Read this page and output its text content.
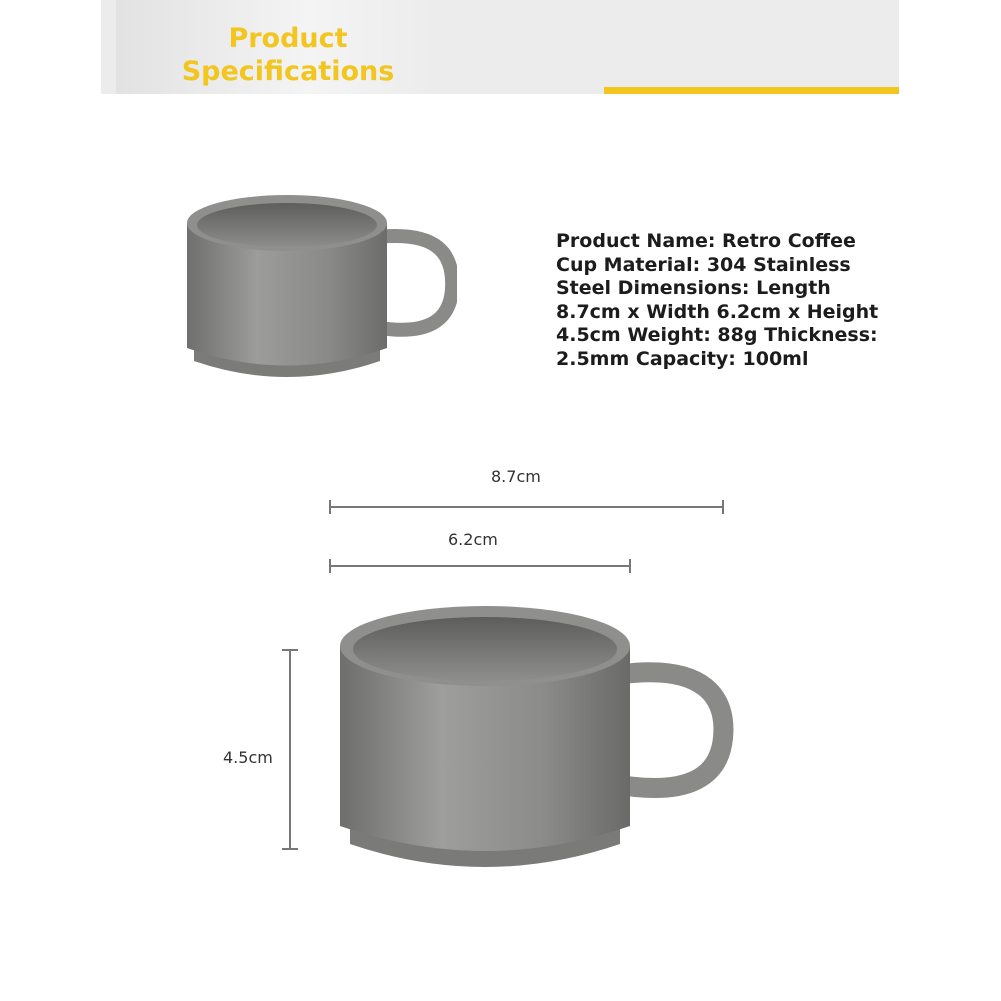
Product
Specifications
Product Name: Retro Coffee Cup Material: 304 Stainless Steel Dimensions: Length 8.7cm x Width 6.2cm x Height 4.5cm Weight: 88g Thickness: 2.5mm Capacity: 100ml
8.7cm
6.2cm
4.5cm
